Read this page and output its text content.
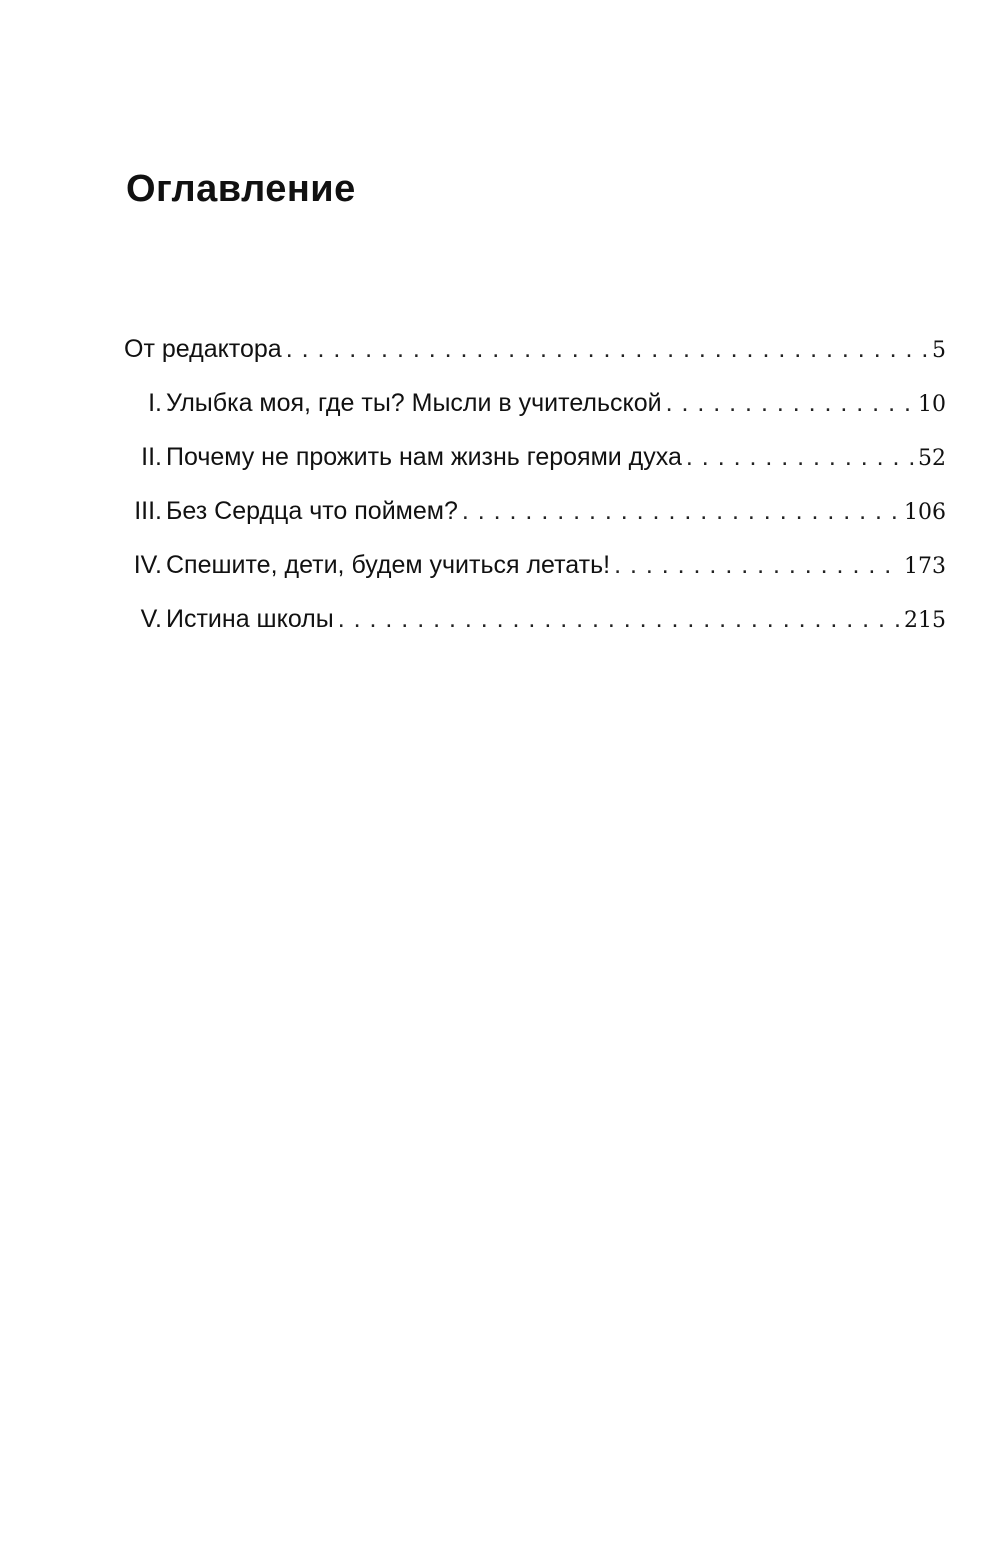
Оглавление
От редактора . . .	5
I. Улыбка моя, где ты? Мысли в учительской . . .	10
II. Почему не прожить нам жизнь героями духа . . .	52
III. Без Сердца что поймем? . . .	106
IV. Спешите, дети, будем учиться летать! . . .	173
V. Истина школы . . .	215
